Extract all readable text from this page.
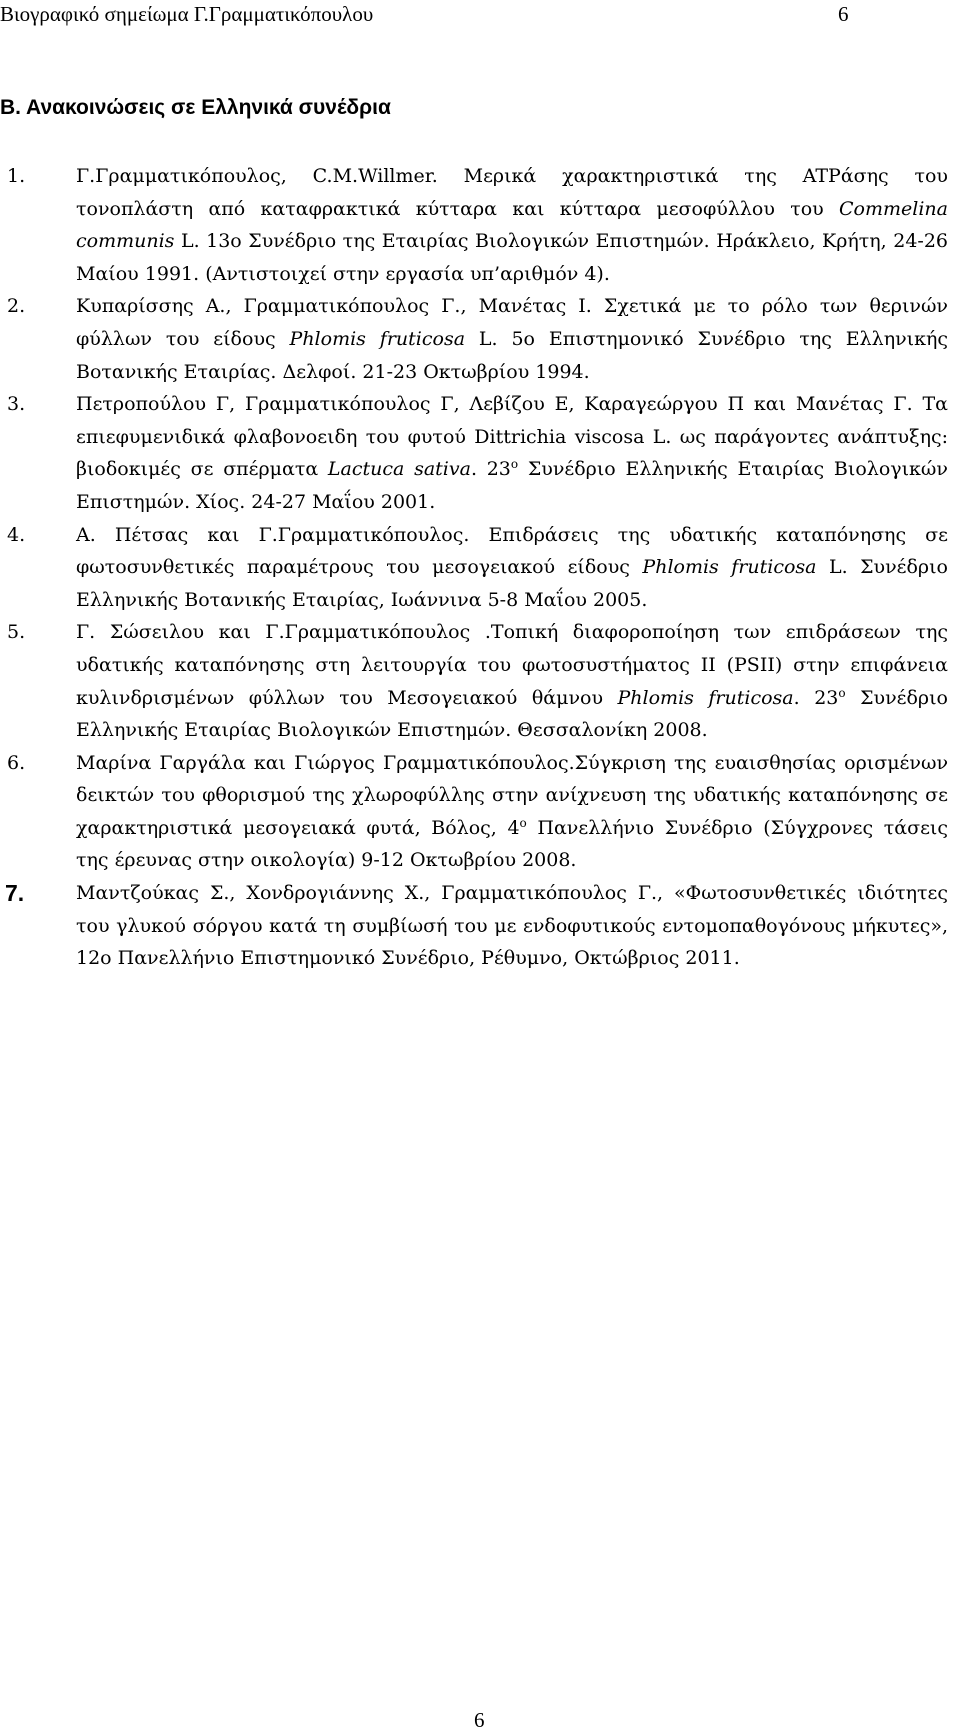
Βιογραφικό σημείωμα Γ.Γραμματικόπουλου	6
Β. Ανακοινώσεις σε Ελληνικά συνέδρια
1.	Γ.Γραμματικόπουλος, C.M.Willmer. Μερικά χαρακτηριστικά της ATPάσης του τονοπλάστη από καταφρακτικά κύτταρα και κύτταρα μεσοφύλλου του Commelina communis L. 13ο Συνέδριο της Εταιρίας Βιολογικών Επιστημών. Ηράκλειο, Κρήτη, 24-26 Μαίου 1991. (Αντιστοιχεί στην εργασία υπ’αριθμόν 4).
2.	Κυπαρίσσης Α., Γραμματικόπουλος Γ., Μανέτας Ι. Σχετικά με το ρόλο των θερινών φύλλων του είδους Phlomis fruticosa L. 5ο Επιστημονικό Συνέδριο της Ελληνικής Βοτανικής Εταιρίας. Δελφοί. 21-23 Οκτωβρίου 1994.
3.	Πετροπούλου Γ, Γραμματικόπουλος Γ, Λεβίζου Ε, Καραγεώργου Π και Μανέτας Γ. Τα επιεφυμενιδικά φλαβονοειδη του φυτού Dittrichia viscosa L. ως παράγοντες ανάπτυξης: βιοδοκιμές σε σπέρματα Lactuca sativa. $23^o$ Συνέδριο Ελληνικής Εταιρίας Βιολογικών Επιστημών. Χίος. 24-27 Μαΐου 2001.
4.	Α. Πέτσας και Γ.Γραμματικόπουλος. Επιδράσεις της υδατικής καταπόνησης σε φωτοσυνθετικές παραμέτρους του μεσογειακού είδους Phlomis fruticosa L. Συνέδριο Ελληνικής Βοτανικής Εταιρίας, Ιωάννινα 5-8 Μαΐου 2005.
5.	Γ. Σώσειλου και Γ.Γραμματικόπουλος .Τοπική διαφοροποίηση των επιδράσεων της υδατικής καταπόνησης στη λειτουργία του φωτοσυστήματος ΙΙ (PSII) στην επιφάνεια κυλινδρισμένων φύλλων του Μεσογειακού θάμνου Phlomis fruticosa. $23^o$ Συνέδριο Ελληνικής Εταιρίας Βιολογικών Επιστημών. Θεσσαλονίκη 2008.
6.	Μαρίνα Γαργάλα και Γιώργος Γραμματικόπουλος.Σύγκριση της ευαισθησίας ορισμένων δεικτών του φθορισμού της χλωροφύλλης στην ανίχνευση της υδατικής καταπόνησης σε χαρακτηριστικά μεσογειακά φυτά, Βόλος, $4^o$ Πανελλήνιο Συνέδριο (Σύγχρονες τάσεις της έρευνας στην οικολογία) 9-12 Οκτωβρίου 2008.
7.	Μαντζούκας Σ., Χονδρογιάννης Χ., Γραμματικόπουλος Γ., «Φωτοσυνθετικές ιδιότητες του γλυκού σόργου κατά τη συμβίωσή του με ενδοφυτικούς εντομοπαθογόνους μήκυτες», 12ο Πανελλήνιο Επιστημονικό Συνέδριο, Ρέθυμνο, Οκτώβριος 2011.
6
